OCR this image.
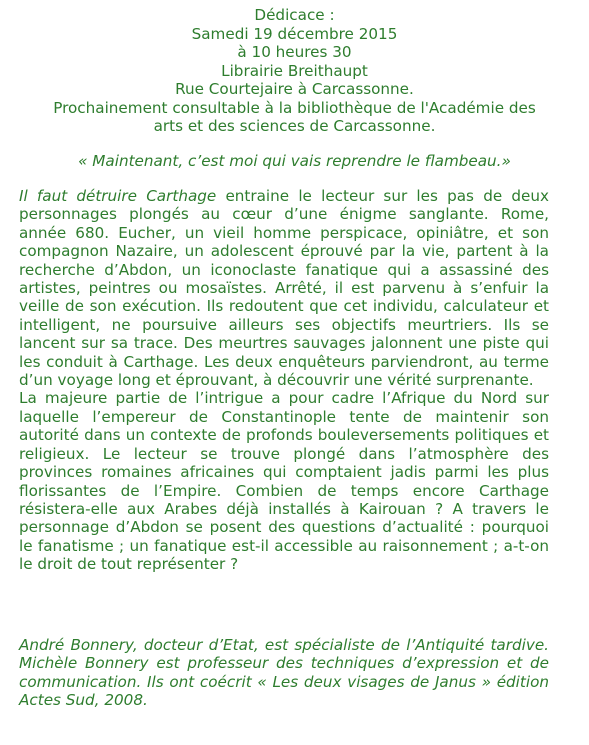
Dédicace :
Samedi 19 décembre 2015
à 10 heures 30
Librairie Breithaupt
Rue Courtejaire à Carcassonne.
Prochainement consultable à la bibliothèque de l'Académie des
arts et des sciences de Carcassonne.
« Maintenant, c’est moi qui vais reprendre le flambeau.»

Il faut détruire Carthage entraine le lecteur sur les pas de deux personnages plongés au cœur d’une énigme sanglante. Rome, année 680. Eucher, un vieil homme perspicace, opiniâtre, et son compagnon Nazaire, un adolescent éprouvé par la vie, partent à la recherche d’Abdon, un iconoclaste fanatique qui a assassiné des artistes, peintres ou mosaïstes. Arrêté, il est parvenu à s’enfuir la veille de son exécution. Ils redoutent que cet individu, calculateur et intelligent, ne poursuive ailleurs ses objectifs meurtriers. Ils se lancent sur sa trace. Des meurtres sauvages jalonnent une piste qui les conduit à Carthage. Les deux enquêteurs parviendront, au terme d’un voyage long et éprouvant, à découvrir une vérité surprenante.

La majeure partie de l’intrigue a pour cadre l’Afrique du Nord sur laquelle l’empereur de Constantinople tente de maintenir son autorité dans un contexte de profonds bouleversements politiques et religieux. Le lecteur se trouve plongé dans l’atmosphère des provinces romaines africaines qui comptaient jadis parmi les plus florissantes de l’Empire. Combien de temps encore Carthage résistera-elle aux Arabes déjà installés à Kairouan ? A travers le personnage d’Abdon se posent des questions d’actualité : pourquoi le fanatisme ; un fanatique est-il accessible au raisonnement ; a-t-on le droit de tout représenter ?

André Bonnery, docteur d’Etat, est spécialiste de l’Antiquité tardive. Michèle Bonnery est professeur des techniques d’expression et de communication. Ils ont coécrit « Les deux visages de Janus » édition Actes Sud, 2008.
